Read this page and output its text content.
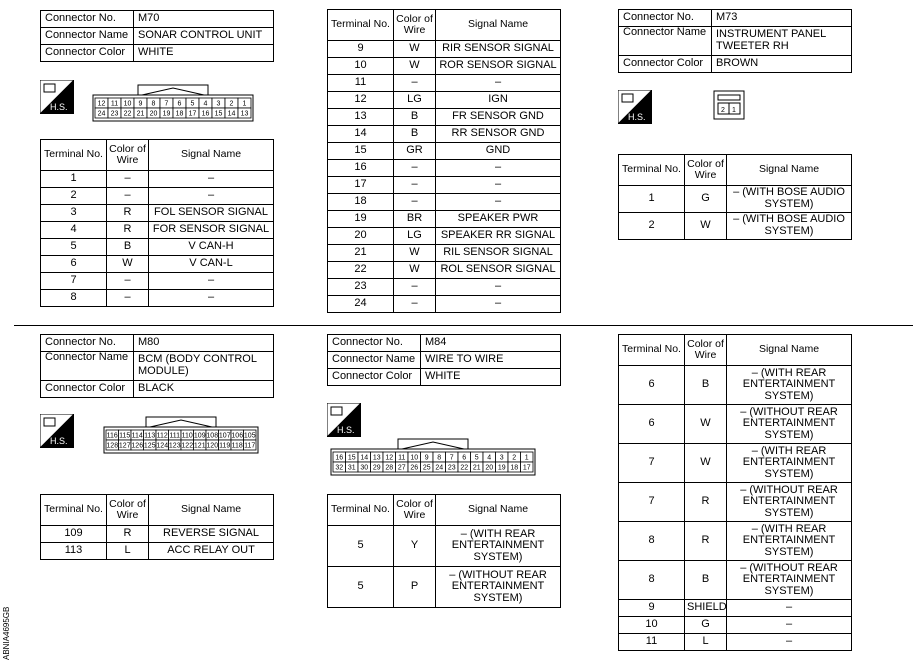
Connector No.	M70
Connector Name	SONAR CONTROL UNIT
Connector Color	WHITE
H.S.	12 11 10 9 8 7 6 5 4 3 2 1
24 23 22 21 20 19 18 17 16 15 14 13
Terminal No.	Color of Wire	Signal Name
1	–	–
2	–	–
3	R	FOL SENSOR SIGNAL
4	R	FOR SENSOR SIGNAL
5	B	V CAN-H
6	W	V CAN-L
7	–	–
8	–	–
Terminal No.	Color of Wire	Signal Name
9	W	RIR SENSOR SIGNAL
10	W	ROR SENSOR SIGNAL
11	–	–
12	LG	IGN
13	B	FR SENSOR GND
14	B	RR SENSOR GND
15	GR	GND
16	–	–
17	–	–
18	–	–
19	BR	SPEAKER PWR
20	LG	SPEAKER RR SIGNAL
21	W	RIL SENSOR SIGNAL
22	W	ROL SENSOR SIGNAL
23	–	–
24	–	–
Connector No.	M73
Connector Name	INSTRUMENT PANEL TWEETER RH
Connector Color	BROWN
H.S.
2 1
Terminal No.	Color of Wire	Signal Name
1	G	– (WITH BOSE AUDIO SYSTEM)
2	W	– (WITH BOSE AUDIO SYSTEM)
Connector No.	M80
Connector Name	BCM (BODY CONTROL MODULE)
Connector Color	BLACK
H.S.	116 115 114 113 112 111 110 109 108 107 106 105
128 127 126 125 124 123 122 121 120 119 118 117
Terminal No.	Color of Wire	Signal Name
109	R	REVERSE SIGNAL
113	L	ACC RELAY OUT
Connector No.	M84
Connector Name	WIRE TO WIRE
Connector Color	WHITE
H.S.
16 15 14 13 12 11 10 9 8 7 6 5 4 3 2 1
32 31 30 29 28 27 26 25 24 23 22 21 20 19 18 17
Terminal No.	Color of Wire	Signal Name
5	Y	– (WITH REAR ENTERTAINMENT SYSTEM)
5	P	– (WITHOUT REAR ENTERTAINMENT SYSTEM)
Terminal No.	Color of Wire	Signal Name
6	B	– (WITH REAR ENTERTAINMENT SYSTEM)
6	W	– (WITHOUT REAR ENTERTAINMENT SYSTEM)
7	W	– (WITH REAR ENTERTAINMENT SYSTEM)
7	R	– (WITHOUT REAR ENTERTAINMENT SYSTEM)
8	R	– (WITH REAR ENTERTAINMENT SYSTEM)
8	B	– (WITHOUT REAR ENTERTAINMENT SYSTEM)
9	SHIELD	–
10	G	–
11	L	–
ABNIA4695GB
